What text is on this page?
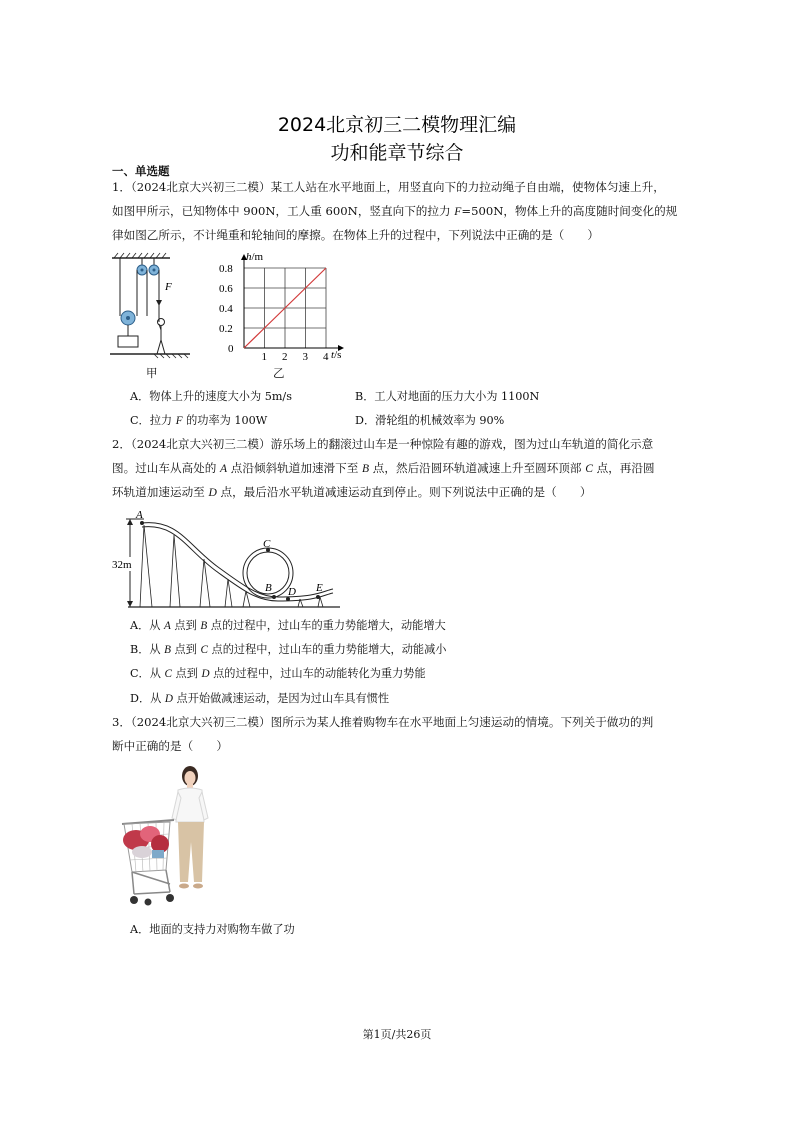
2024北京初三二模物理汇编
功和能章节综合
一、单选题
1．（2024北京大兴初三二模）某工人站在水平地面上，用竖直向下的力拉动绳子自由端，使物体匀速上升，
如图甲所示，已知物体中 900N，工人重 600N，竖直向下的拉力 F=500N，物体上升的高度随时间变化的规
律如图乙所示，不计绳重和轮轴间的摩擦。在物体上升的过程中，下列说法中正确的是（　　）
F
甲
1 2 3 4
0.2
0.4
0.6
0.8
h/m
t/s
0
乙
A．物体上升的速度大小为 5m/s	B．工人对地面的压力大小为 1100N
C．拉力 F 的功率为 100W	D．滑轮组的机械效率为 90%
2．（2024北京大兴初三二模）游乐场上的翻滚过山车是一种惊险有趣的游戏，图为过山车轨道的简化示意
图。过山车从高处的 A 点沿倾斜轨道加速滑下至 B 点，然后沿圆环轨道减速上升至圆环顶部 C 点，再沿圆
环轨道加速运动至 D 点，最后沿水平轨道减速运动直到停止。则下列说法中正确的是（　　）
32m
A
C
B D E
A．从 A 点到 B 点的过程中，过山车的重力势能增大，动能增大
B．从 B 点到 C 点的过程中，过山车的重力势能增大，动能减小
C．从 C 点到 D 点的过程中，过山车的动能转化为重力势能
D．从 D 点开始做减速运动，是因为过山车具有惯性
3．（2024北京大兴初三二模）图所示为某人推着购物车在水平地面上匀速运动的情境。下列关于做功的判
断中正确的是（　　）
A．地面的支持力对购物车做了功
第1页/共26页
